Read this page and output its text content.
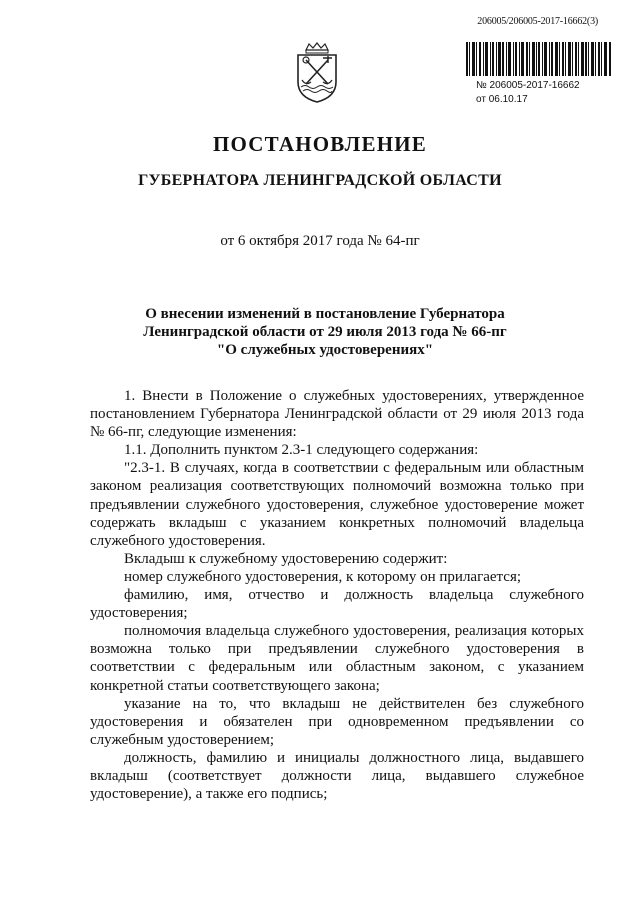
206005/206005-2017-16662(3)
№ 206005-2017-16662
от 06.10.17
ПОСТАНОВЛЕНИЕ
ГУБЕРНАТОРА ЛЕНИНГРАДСКОЙ ОБЛАСТИ
от 6 октября 2017 года № 64-пг
О внесении изменений в постановление Губернатора
Ленинградской области от 29 июля 2013 года № 66-пг
"О служебных удостоверениях"

1. Внести в Положение о служебных удостоверениях, утвержденное постановлением Губернатора Ленинградской области от 29 июля 2013 года № 66-пг, следующие изменения:

1.1. Дополнить пунктом 2.3-1 следующего содержания:

"2.3-1. В случаях, когда в соответствии с федеральным или областным законом реализация соответствующих полномочий возможна только при предъявлении служебного удостоверения, служебное удостоверение может содержать вкладыш с указанием конкретных полномочий владельца служебного удостоверения.

Вкладыш к служебному удостоверению содержит:

номер служебного удостоверения, к которому он прилагается;

фамилию, имя, отчество и должность владельца служебного удостоверения;

полномочия владельца служебного удостоверения, реализация которых возможна только при предъявлении служебного удостоверения в соответствии с федеральным или областным законом, с указанием конкретной статьи соответствующего закона;

указание на то, что вкладыш не действителен без служебного удостоверения и обязателен при одновременном предъявлении со служебным удостоверением;

должность, фамилию и инициалы должностного лица, выдавшего вкладыш (соответствует должности лица, выдавшего служебное удостоверение), а также его подпись;
